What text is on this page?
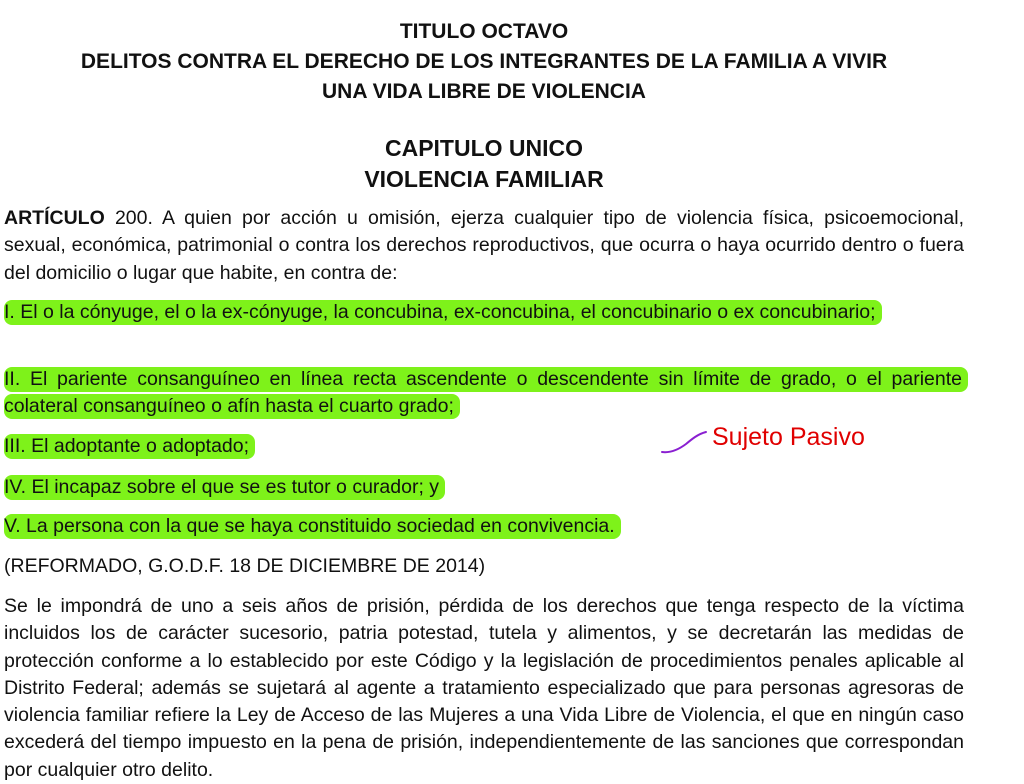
TITULO OCTAVO
DELITOS CONTRA EL DERECHO DE LOS INTEGRANTES DE LA FAMILIA A VIVIR
UNA VIDA LIBRE DE VIOLENCIA
CAPITULO UNICO
VIOLENCIA FAMILIAR

ARTÍCULO 200. A quien por acción u omisión, ejerza cualquier tipo de violencia física, psicoemocional, sexual, económica, patrimonial o contra los derechos reproductivos, que ocurra o haya ocurrido dentro o fuera del domicilio o lugar que habite, en contra de:

I. El o la cónyuge, el o la ex-cónyuge, la concubina, ex-concubina, el concubinario o ex concubinario;

II. El pariente consanguíneo en línea recta ascendente o descendente sin límite de grado, o el pariente colateral consanguíneo o afín hasta el cuarto grado;

III. El adoptante o adoptado;

IV. El incapaz sobre el que se es tutor o curador; y

V. La persona con la que se haya constituido sociedad en convivencia.

Sujeto Pasivo

(REFORMADO, G.O.D.F. 18 DE DICIEMBRE DE 2014)

Se le impondrá de uno a seis años de prisión, pérdida de los derechos que tenga respecto de la víctima incluidos los de carácter sucesorio, patria potestad, tutela y alimentos, y se decretarán las medidas de protección conforme a lo establecido por este Código y la legislación de procedimientos penales aplicable al Distrito Federal; además se sujetará al agente a tratamiento especializado que para personas agresoras de violencia familiar refiere la Ley de Acceso de las Mujeres a una Vida Libre de Violencia, el que en ningún caso excederá del tiempo impuesto en la pena de prisión, independientemente de las sanciones que correspondan por cualquier otro delito.
